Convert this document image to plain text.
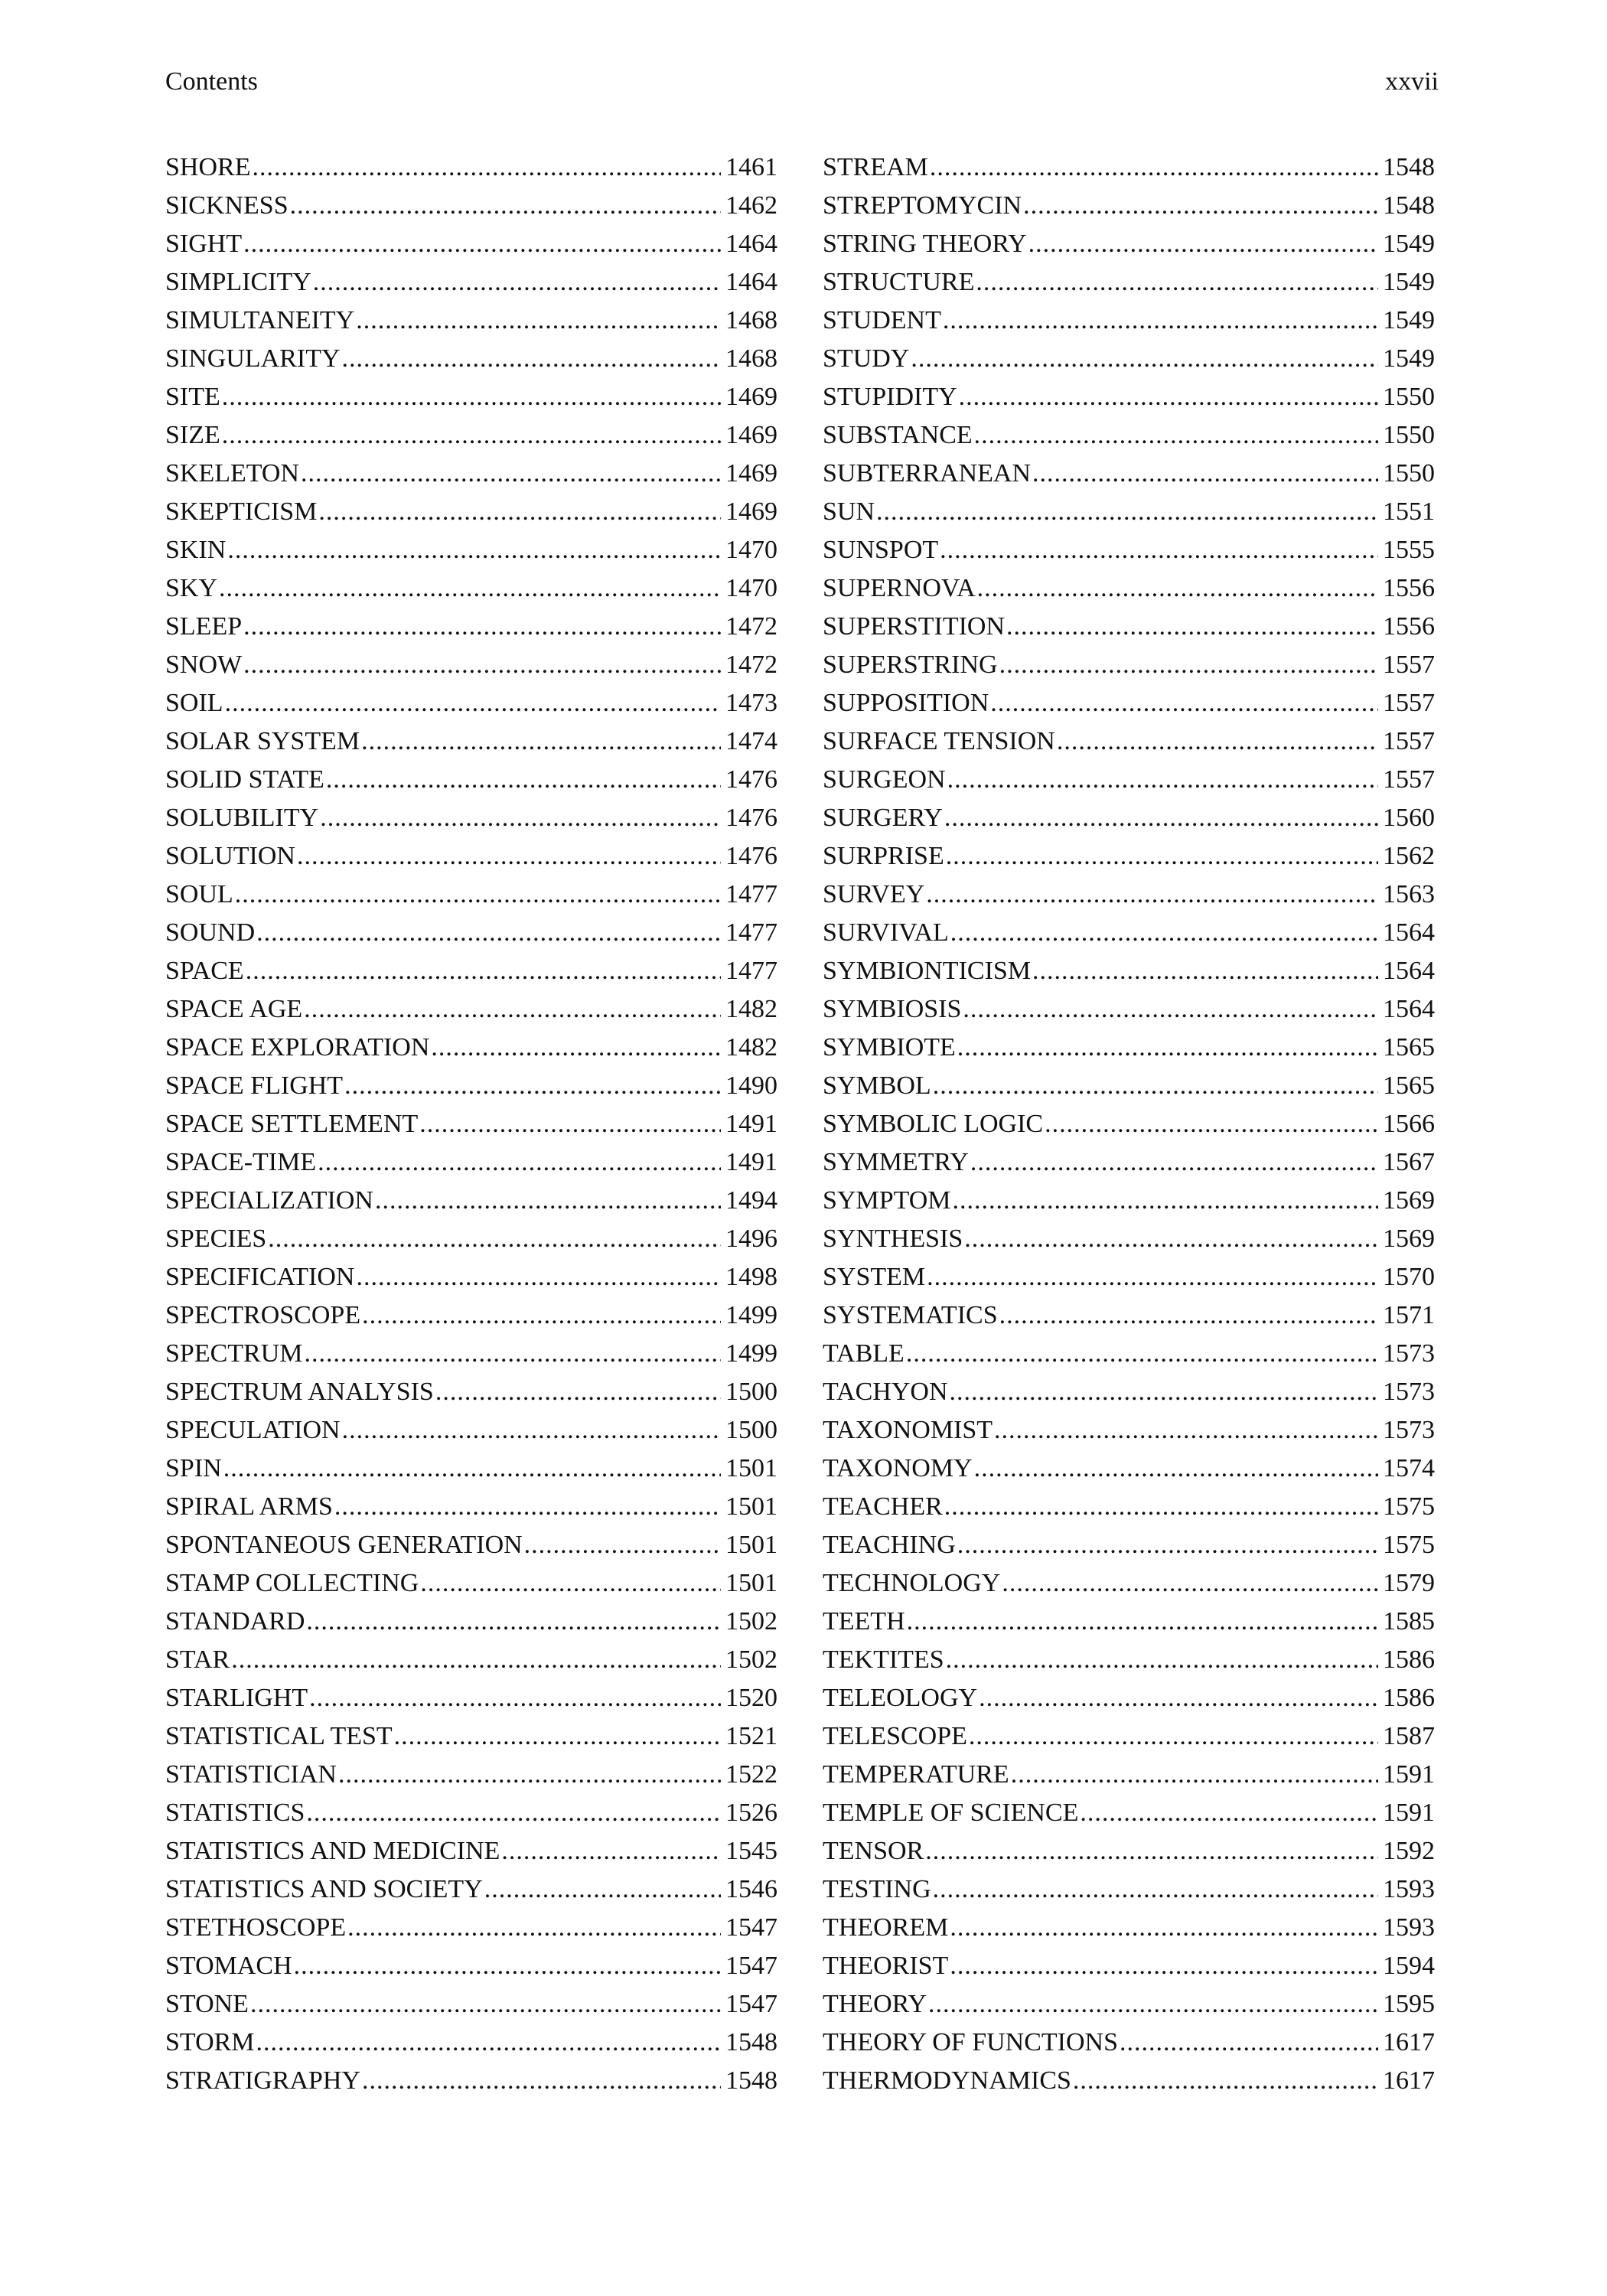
Contents	xxvii
SHORE .....	1461
SICKNESS .....	1462
SIGHT .....	1464
SIMPLICITY .....	1464
SIMULTANEITY .....	1468
SINGULARITY .....	1468
SITE .....	1469
SIZE .....	1469
SKELETON .....	1469
SKEPTICISM .....	1469
SKIN .....	1470
SKY .....	1470
SLEEP .....	1472
SNOW .....	1472
SOIL .....	1473
SOLAR SYSTEM .....	1474
SOLID STATE .....	1476
SOLUBILITY .....	1476
SOLUTION .....	1476
SOUL .....	1477
SOUND .....	1477
SPACE .....	1477
SPACE AGE .....	1482
SPACE EXPLORATION .....	1482
SPACE FLIGHT .....	1490
SPACE SETTLEMENT .....	1491
SPACE-TIME .....	1491
SPECIALIZATION .....	1494
SPECIES .....	1496
SPECIFICATION .....	1498
SPECTROSCOPE .....	1499
SPECTRUM .....	1499
SPECTRUM ANALYSIS .....	1500
SPECULATION .....	1500
SPIN .....	1501
SPIRAL ARMS .....	1501
SPONTANEOUS GENERATION .....	1501
STAMP COLLECTING .....	1501
STANDARD .....	1502
STAR .....	1502
STARLIGHT .....	1520
STATISTICAL TEST .....	1521
STATISTICIAN .....	1522
STATISTICS .....	1526
STATISTICS AND MEDICINE .....	1545
STATISTICS AND SOCIETY .....	1546
STETHOSCOPE .....	1547
STOMACH .....	1547
STONE .....	1547
STORM .....	1548
STRATIGRAPHY .....	1548
STREAM .....	1548
STREPTOMYCIN .....	1548
STRING THEORY .....	1549
STRUCTURE .....	1549
STUDENT .....	1549
STUDY .....	1549
STUPIDITY .....	1550
SUBSTANCE .....	1550
SUBTERRANEAN .....	1550
SUN .....	1551
SUNSPOT .....	1555
SUPERNOVA .....	1556
SUPERSTITION .....	1556
SUPERSTRING .....	1557
SUPPOSITION .....	1557
SURFACE TENSION .....	1557
SURGEON .....	1557
SURGERY .....	1560
SURPRISE .....	1562
SURVEY .....	1563
SURVIVAL .....	1564
SYMBIONTICISM .....	1564
SYMBIOSIS .....	1564
SYMBIOTE .....	1565
SYMBOL .....	1565
SYMBOLIC LOGIC .....	1566
SYMMETRY .....	1567
SYMPTOM .....	1569
SYNTHESIS .....	1569
SYSTEM .....	1570
SYSTEMATICS .....	1571
TABLE .....	1573
TACHYON .....	1573
TAXONOMIST .....	1573
TAXONOMY .....	1574
TEACHER .....	1575
TEACHING .....	1575
TECHNOLOGY .....	1579
TEETH .....	1585
TEKTITES .....	1586
TELEOLOGY .....	1586
TELESCOPE .....	1587
TEMPERATURE .....	1591
TEMPLE OF SCIENCE .....	1591
TENSOR .....	1592
TESTING .....	1593
THEOREM .....	1593
THEORIST .....	1594
THEORY .....	1595
THEORY OF FUNCTIONS .....	1617
THERMODYNAMICS .....	1617
